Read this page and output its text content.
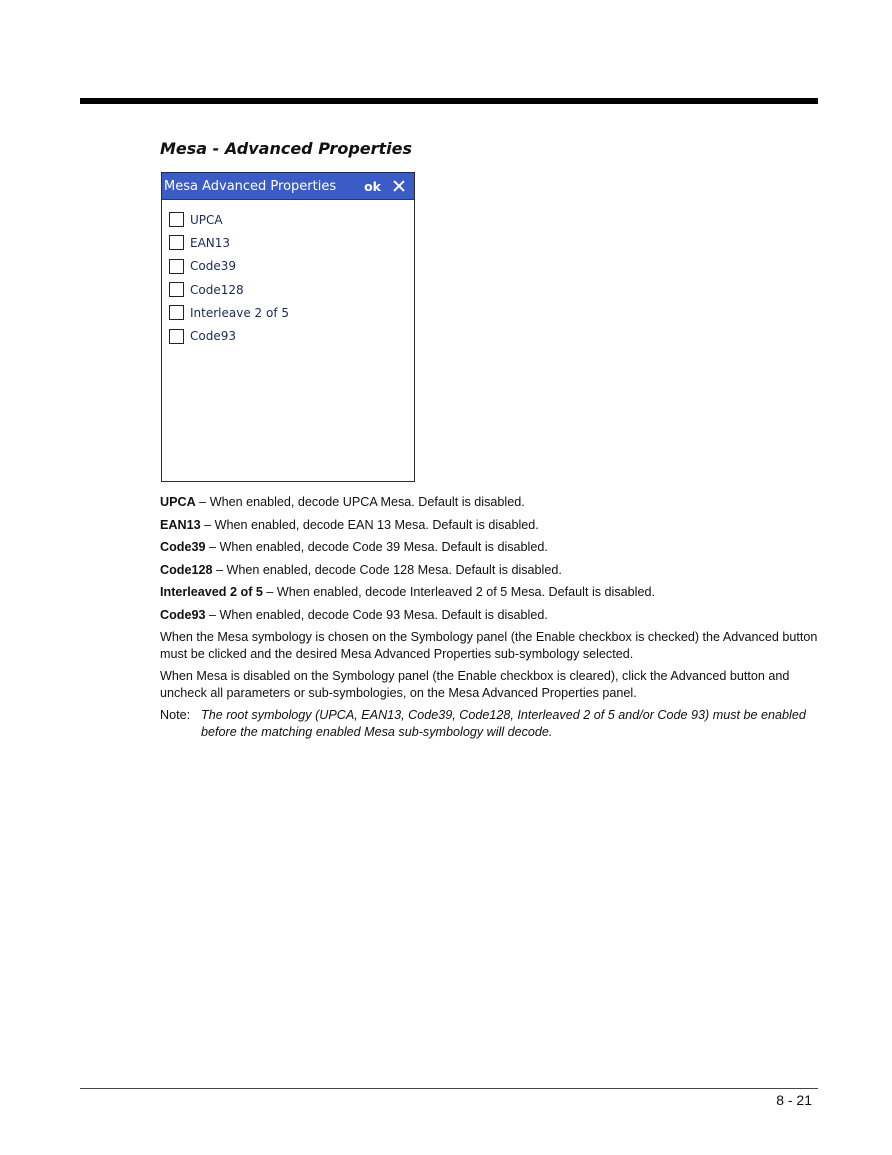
Mesa - Advanced Properties
Mesa Advanced Properties	ok
UPCA
EAN13
Code39
Code128
Interleave 2 of 5
Code93

UPCA – When enabled, decode UPCA Mesa. Default is disabled.

EAN13 – When enabled, decode EAN 13 Mesa. Default is disabled.

Code39 – When enabled, decode Code 39 Mesa. Default is disabled.

Code128 – When enabled, decode Code 128 Mesa. Default is disabled.

Interleaved 2 of 5 – When enabled, decode Interleaved 2 of 5 Mesa. Default is disabled.

Code93 – When enabled, decode Code 93 Mesa. Default is disabled.

When the Mesa symbology is chosen on the Symbology panel (the Enable checkbox is checked) the Advanced button must be clicked and the desired Mesa Advanced Properties sub-symbology selected.

When Mesa is disabled on the Symbology panel (the Enable checkbox is cleared), click the Advanced button and uncheck all parameters or sub-symbologies, on the Mesa Advanced Properties panel.

Note: The root symbology (UPCA, EAN13, Code39, Code128, Interleaved 2 of 5 and/or Code 93) must be enabled before the matching enabled Mesa sub-symbology will decode.
8 - 21
